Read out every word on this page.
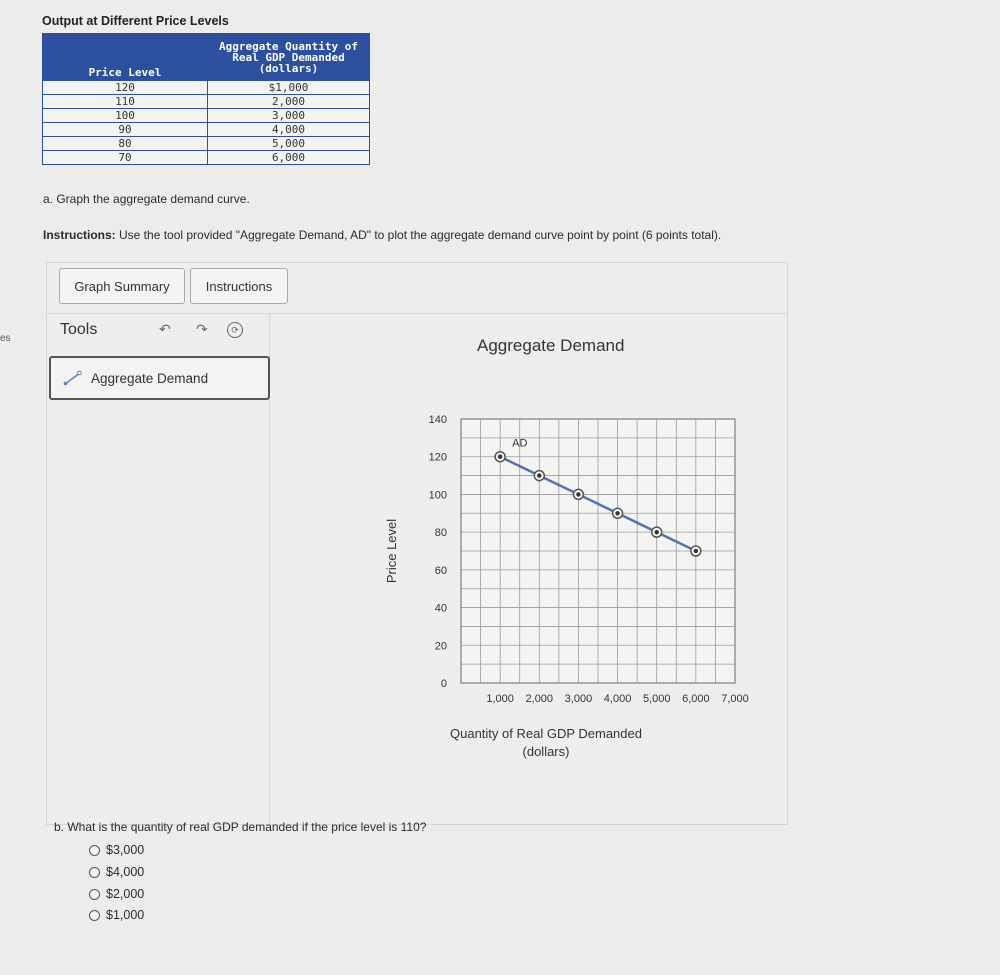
es
Output at Different Price Levels
Price Level	Aggregate Quantity of Real GDP Demanded (dollars)
120	$1,000
110	2,000
100	3,000
90	4,000
80	5,000
70	6,000
a. Graph the aggregate demand curve.
Instructions: Use the tool provided "Aggregate Demand, AD" to plot the aggregate demand curve point by point (6 points total).
Graph Summary	Instructions
Tools	↶ ↷	⟳
Aggregate Demand
Aggregate Demand
0
20
40
60
80
100
120
140
1,000 2,000 3,000 4,000 5,000 6,000 7,000
Price Level
AD
Quantity of Real GDP Demanded
(dollars)
b. What is the quantity of real GDP demanded if the price level is 110?
$3,000
$4,000
$2,000
$1,000
